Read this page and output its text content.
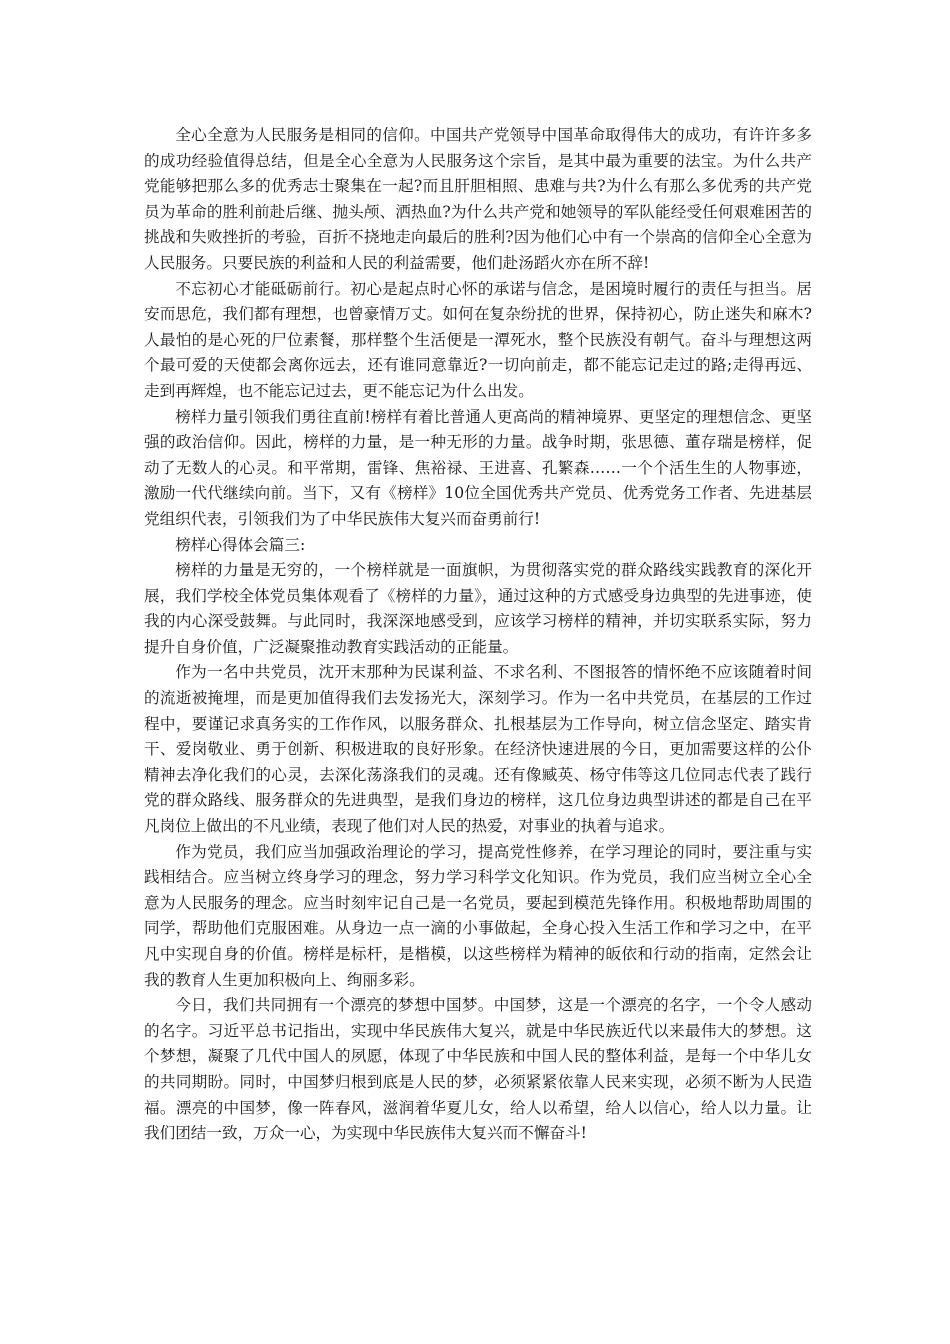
全心全意为人民服务是相同的信仰。中国共产党领导中国革命取得伟大的成功，有许许多多的成功经验值得总结，但是全心全意为人民服务这个宗旨，是其中最为重要的法宝。为什么共产党能够把那么多的优秀志士聚集在一起?而且肝胆相照、患难与共?为什么有那么多优秀的共产党员为革命的胜利前赴后继、抛头颅、洒热血?为什么共产党和她领导的军队能经受任何艰难困苦的挑战和失败挫折的考验，百折不挠地走向最后的胜利?因为他们心中有一个崇高的信仰全心全意为人民服务。只要民族的利益和人民的利益需要，他们赴汤蹈火亦在所不辞!

不忘初心才能砥砺前行。初心是起点时心怀的承诺与信念，是困境时履行的责任与担当。居安而思危，我们都有理想，也曾豪情万丈。如何在复杂纷扰的世界，保持初心，防止迷失和麻木?人最怕的是心死的尸位素餐，那样整个生活便是一潭死水，整个民族没有朝气。奋斗与理想这两个最可爱的天使都会离你远去，还有谁同意靠近?一切向前走，都不能忘记走过的路;走得再远、走到再辉煌，也不能忘记过去，更不能忘记为什么出发。

榜样力量引领我们勇往直前!榜样有着比普通人更高尚的精神境界、更坚定的理想信念、更坚强的政治信仰。因此，榜样的力量，是一种无形的力量。战争时期，张思德、董存瑞是榜样，促动了无数人的心灵。和平常期，雷锋、焦裕禄、王进喜、孔繁森……一个个活生生的人物事迹，激励一代代继续向前。当下，又有《榜样》10位全国优秀共产党员、优秀党务工作者、先进基层党组织代表，引领我们为了中华民族伟大复兴而奋勇前行!

榜样心得体会篇三:

榜样的力量是无穷的，一个榜样就是一面旗帜，为贯彻落实党的群众路线实践教育的深化开展，我们学校全体党员集体观看了《榜样的力量》，通过这种的方式感受身边典型的先进事迹，使我的内心深受鼓舞。与此同时，我深深地感受到，应该学习榜样的精神，并切实联系实际，努力提升自身价值，广泛凝聚推动教育实践活动的正能量。

作为一名中共党员，沈开末那种为民谋利益、不求名利、不图报答的情怀绝不应该随着时间的流逝被掩埋，而是更加值得我们去发扬光大，深刻学习。作为一名中共党员，在基层的工作过程中，要谨记求真务实的工作作风，以服务群众、扎根基层为工作导向，树立信念坚定、踏实肯干、爱岗敬业、勇于创新、积极进取的良好形象。在经济快速进展的今日，更加需要这样的公仆精神去净化我们的心灵，去深化荡涤我们的灵魂。还有像臧英、杨守伟等这几位同志代表了践行党的群众路线、服务群众的先进典型，是我们身边的榜样，这几位身边典型讲述的都是自己在平凡岗位上做出的不凡业绩，表现了他们对人民的热爱，对事业的执着与追求。

作为党员，我们应当加强政治理论的学习，提高党性修养，在学习理论的同时，要注重与实践相结合。应当树立终身学习的理念，努力学习科学文化知识。作为党员，我们应当树立全心全意为人民服务的理念。应当时刻牢记自己是一名党员，要起到模范先锋作用。积极地帮助周围的同学，帮助他们克服困难。从身边一点一滴的小事做起，全身心投入生活工作和学习之中，在平凡中实现自身的价值。榜样是标杆，是楷模，以这些榜样为精神的皈依和行动的指南，定然会让我的教育人生更加积极向上、绚丽多彩。

今日，我们共同拥有一个漂亮的梦想中国梦。中国梦，这是一个漂亮的名字，一个令人感动的名字。习近平总书记指出，实现中华民族伟大复兴，就是中华民族近代以来最伟大的梦想。这个梦想，凝聚了几代中国人的夙愿，体现了中华民族和中国人民的整体利益，是每一个中华儿女的共同期盼。同时，中国梦归根到底是人民的梦，必须紧紧依靠人民来实现，必须不断为人民造福。漂亮的中国梦，像一阵春风，滋润着华夏儿女，给人以希望，给人以信心，给人以力量。让我们团结一致，万众一心，为实现中华民族伟大复兴而不懈奋斗!
